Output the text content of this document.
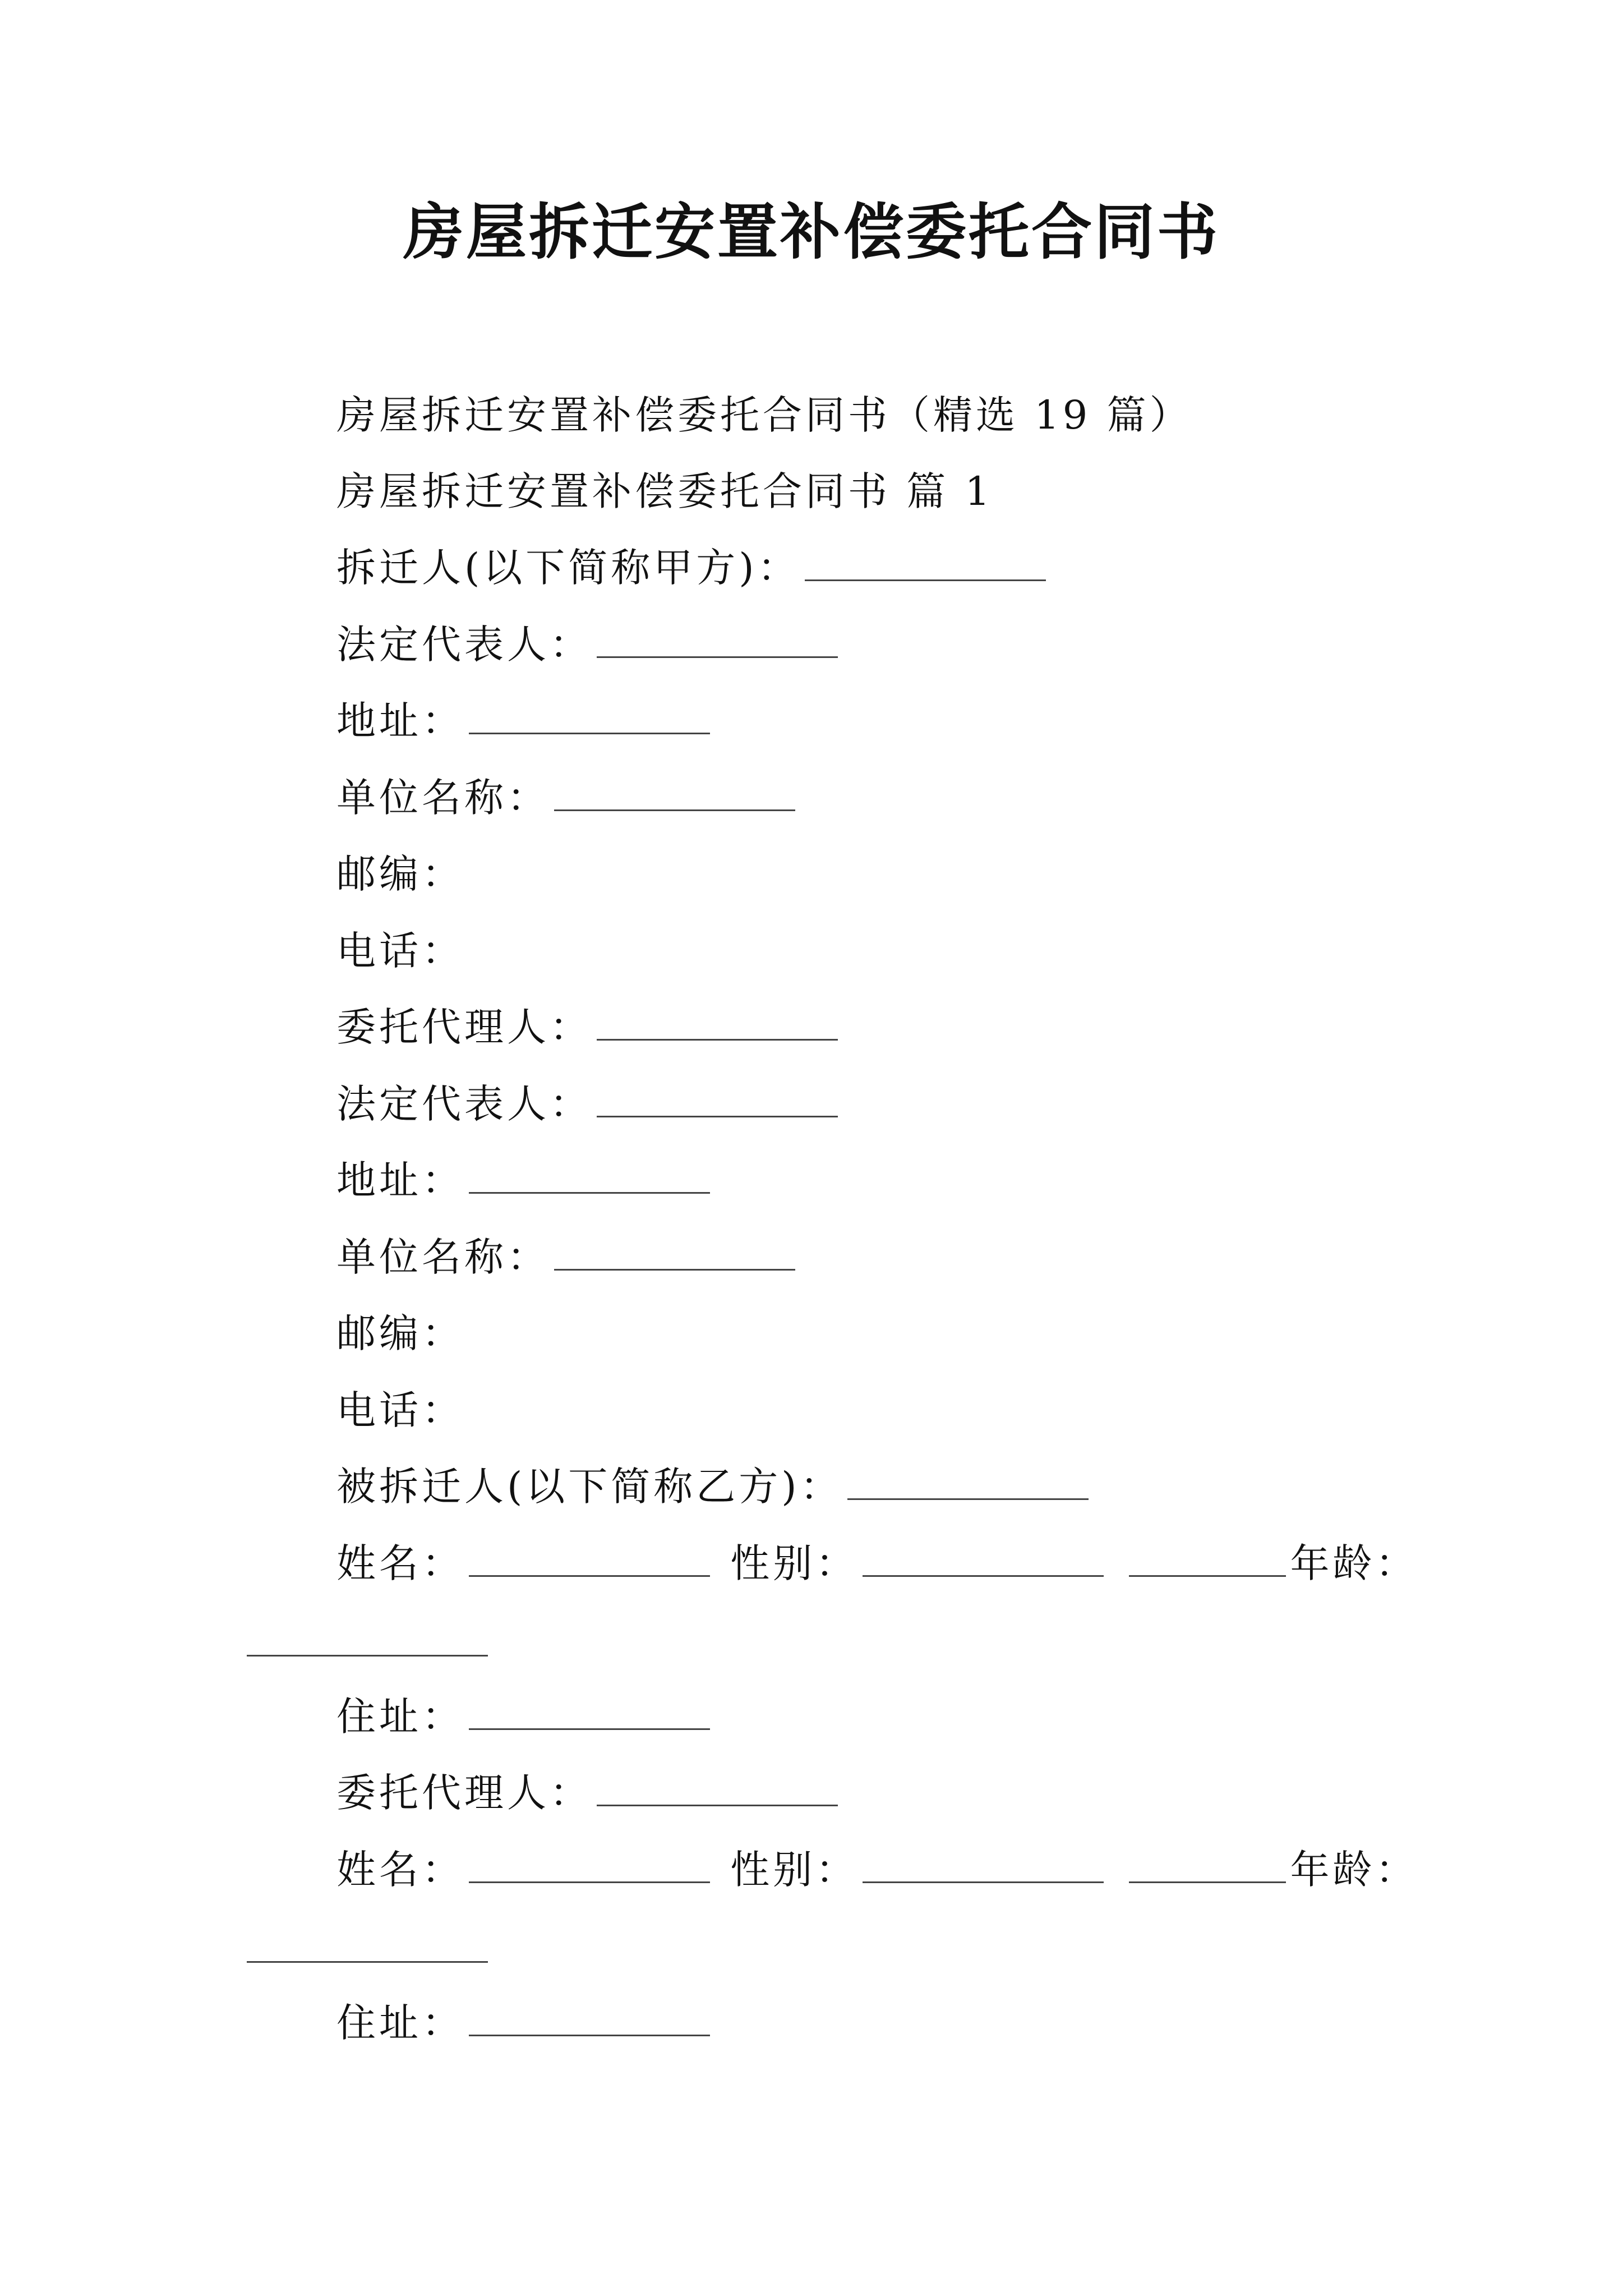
房屋拆迁安置补偿委托合同书
房屋拆迁安置补偿委托合同书（精选 19 篇）
房屋拆迁安置补偿委托合同书 篇 1
拆迁人(以下简称甲方)：
法定代表人：
地址：
单位名称：
邮编：
电话：
委托代理人：
法定代表人：
地址：
单位名称：
邮编：
电话：
被拆迁人(以下简称乙方)：
姓名：	性别：	年龄：
住址：
委托代理人：
姓名：	性别：	年龄：
住址：
